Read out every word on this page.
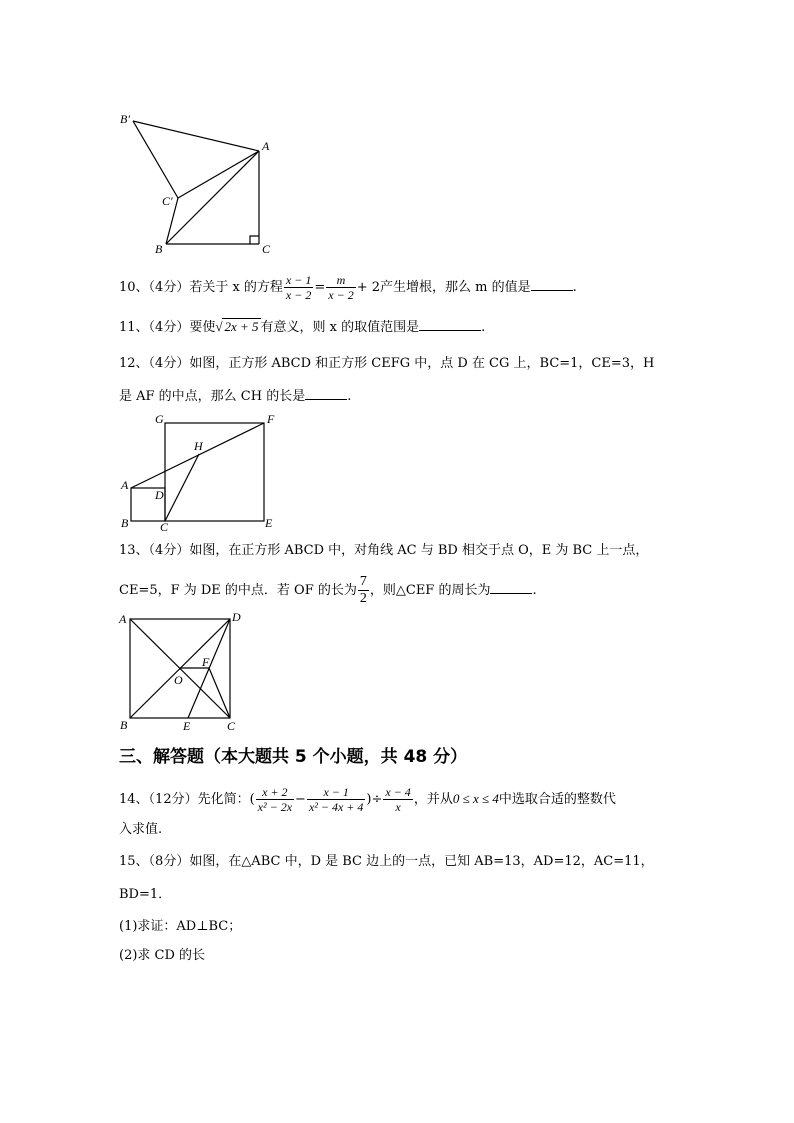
B′
A
C′
B	C
10、（4分）若关于 x 的方程 $\frac{x - 1}{x - 2} = \frac{m}{x - 2} + 2$产生增根，那么 m 的值是	.
11、（4分）要使√ 2x + 5 有意义，则 x 的取值范围是	.
12、（4分）如图，正方形 ABCD 和正方形 CEFG 中，点 D 在 CG 上，BC=1，CE=3，H
是 AF 的中点，那么 CH 的长是	.
G	F
H
A
D
B	C	E
13、（4分）如图，在正方形 ABCD 中，对角线 AC 与 BD 相交于点 O，E 为 BC 上一点，
CE=5，F 为 DE 的中点．若 OF 的长为 $\frac{7}{2}$ ，则△CEF 的周长为	.
A	D
F
O
B	E	C
三、解答题（本大题共 5 个小题，共 48 分）
14、（12分）先化简：( $\frac{x + 2}{\text{x² − 2x}} - \frac{x - 1}{\text{x² − 4x + 4}}$ )÷ $\frac{x - 4}{x}$ ，并从0 ≤ x ≤ 4中选取合适的整数代
入求值.
15、（8分）如图，在△ABC 中，D 是 BC 边上的一点，已知 AB=13，AD=12，AC=11，
BD=1．
(1)求证：AD⊥BC；
(2)求 CD 的长
